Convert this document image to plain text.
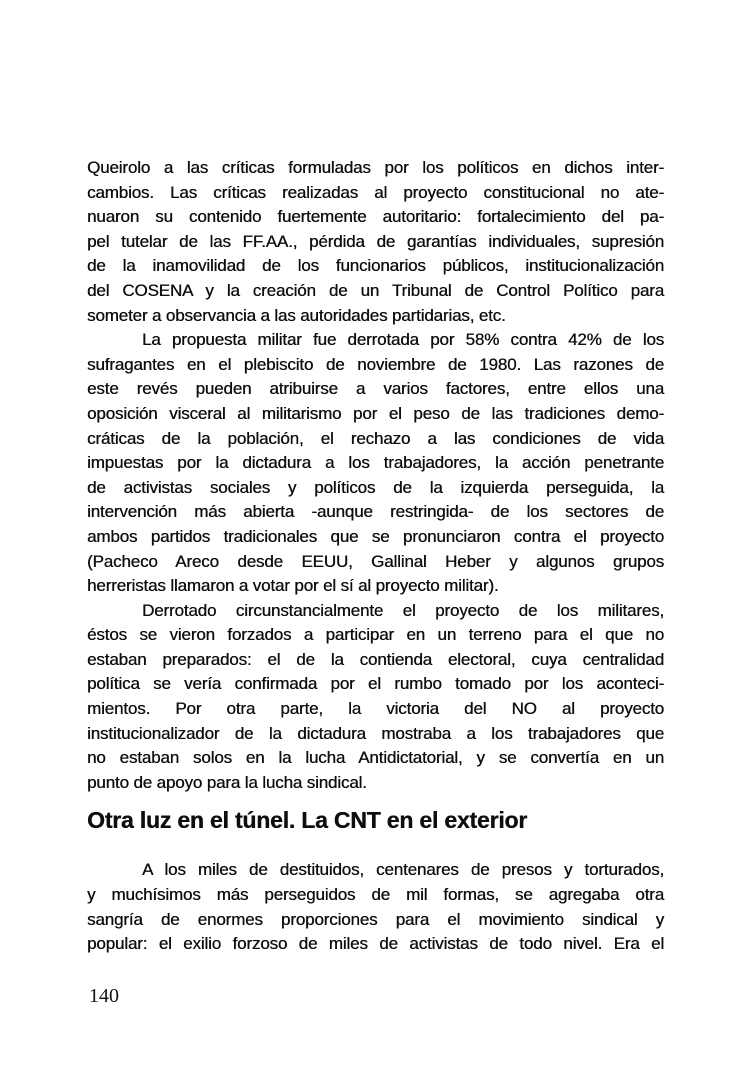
Queirolo a las críticas formuladas por los políticos en dichos inter-
cambios. Las críticas realizadas al proyecto constitucional no ate-
nuaron su contenido fuertemente autoritario: fortalecimiento del pa-
pel tutelar de las FF.AA., pérdida de garantías individuales, supresión
de la inamovilidad de los funcionarios públicos, institucionalización
del COSENA y la creación de un Tribunal de Control Político para
someter a observancia a las autoridades partidarias, etc.
La propuesta militar fue derrotada por 58% contra 42% de los
sufragantes en el plebiscito de noviembre de 1980. Las razones de
este revés pueden atribuirse a varios factores, entre ellos una
oposición visceral al militarismo por el peso de las tradiciones demo-
cráticas de la población, el rechazo a las condiciones de vida
impuestas por la dictadura a los trabajadores, la acción penetrante
de activistas sociales y políticos de la izquierda perseguida, la
intervención más abierta -aunque restringida- de los sectores de
ambos partidos tradicionales que se pronunciaron contra el proyecto
(Pacheco Areco desde EEUU, Gallinal Heber y algunos grupos
herreristas llamaron a votar por el sí al proyecto militar).
Derrotado circunstancialmente el proyecto de los militares,
éstos se vieron forzados a participar en un terreno para el que no
estaban preparados: el de la contienda electoral, cuya centralidad
política se vería confirmada por el rumbo tomado por los aconteci-
mientos. Por otra parte, la victoria del NO al proyecto
institucionalizador de la dictadura mostraba a los trabajadores que
no estaban solos en la lucha Antidictatorial, y se convertía en un
punto de apoyo para la lucha sindical.
Otra luz en el túnel. La CNT en el exterior
A los miles de destituidos, centenares de presos y torturados,
y muchísimos más perseguidos de mil formas, se agregaba otra
sangría de enormes proporciones para el movimiento sindical y
popular: el exilio forzoso de miles de activistas de todo nivel. Era el
140
